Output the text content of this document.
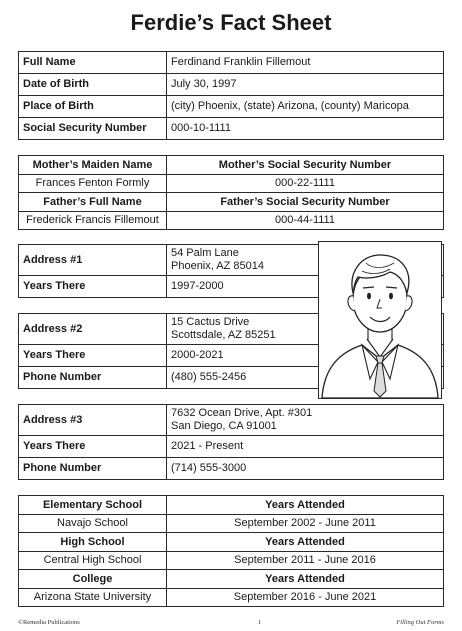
Ferdie’s Fact Sheet
Full Name	Ferdinand Franklin Fillemout
Date of Birth	July 30, 1997
Place of Birth	(city) Phoenix, (state) Arizona, (county) Maricopa
Social Security Number	000-10-1111
Mother’s Maiden Name	Mother’s Social Security Number
Frances Fenton Formly	000-22-1111
Father’s Full Name	Father’s Social Security Number
Frederick Francis Fillemout	000-44-1111
Address #1	54 Palm Lane
Phoenix, AZ 85014

Years There	1997-2000
Address #2	15 Cactus Drive
Scottsdale, AZ 85251

Years There	2000-2021
Phone Number	(480) 555-2456
Address #3	7632 Ocean Drive, Apt. #301
San Diego, CA 91001

Years There	2021 - Present
Phone Number	(714) 555-3000
Elementary School	Years Attended
Navajo School	September 2002 - June 2011
High School	Years Attended
Central High School	September 2011 - June 2016
College	Years Attended
Arizona State University	September 2016 - June 2021
©Remedia Publications	1	Filling Out Forms
